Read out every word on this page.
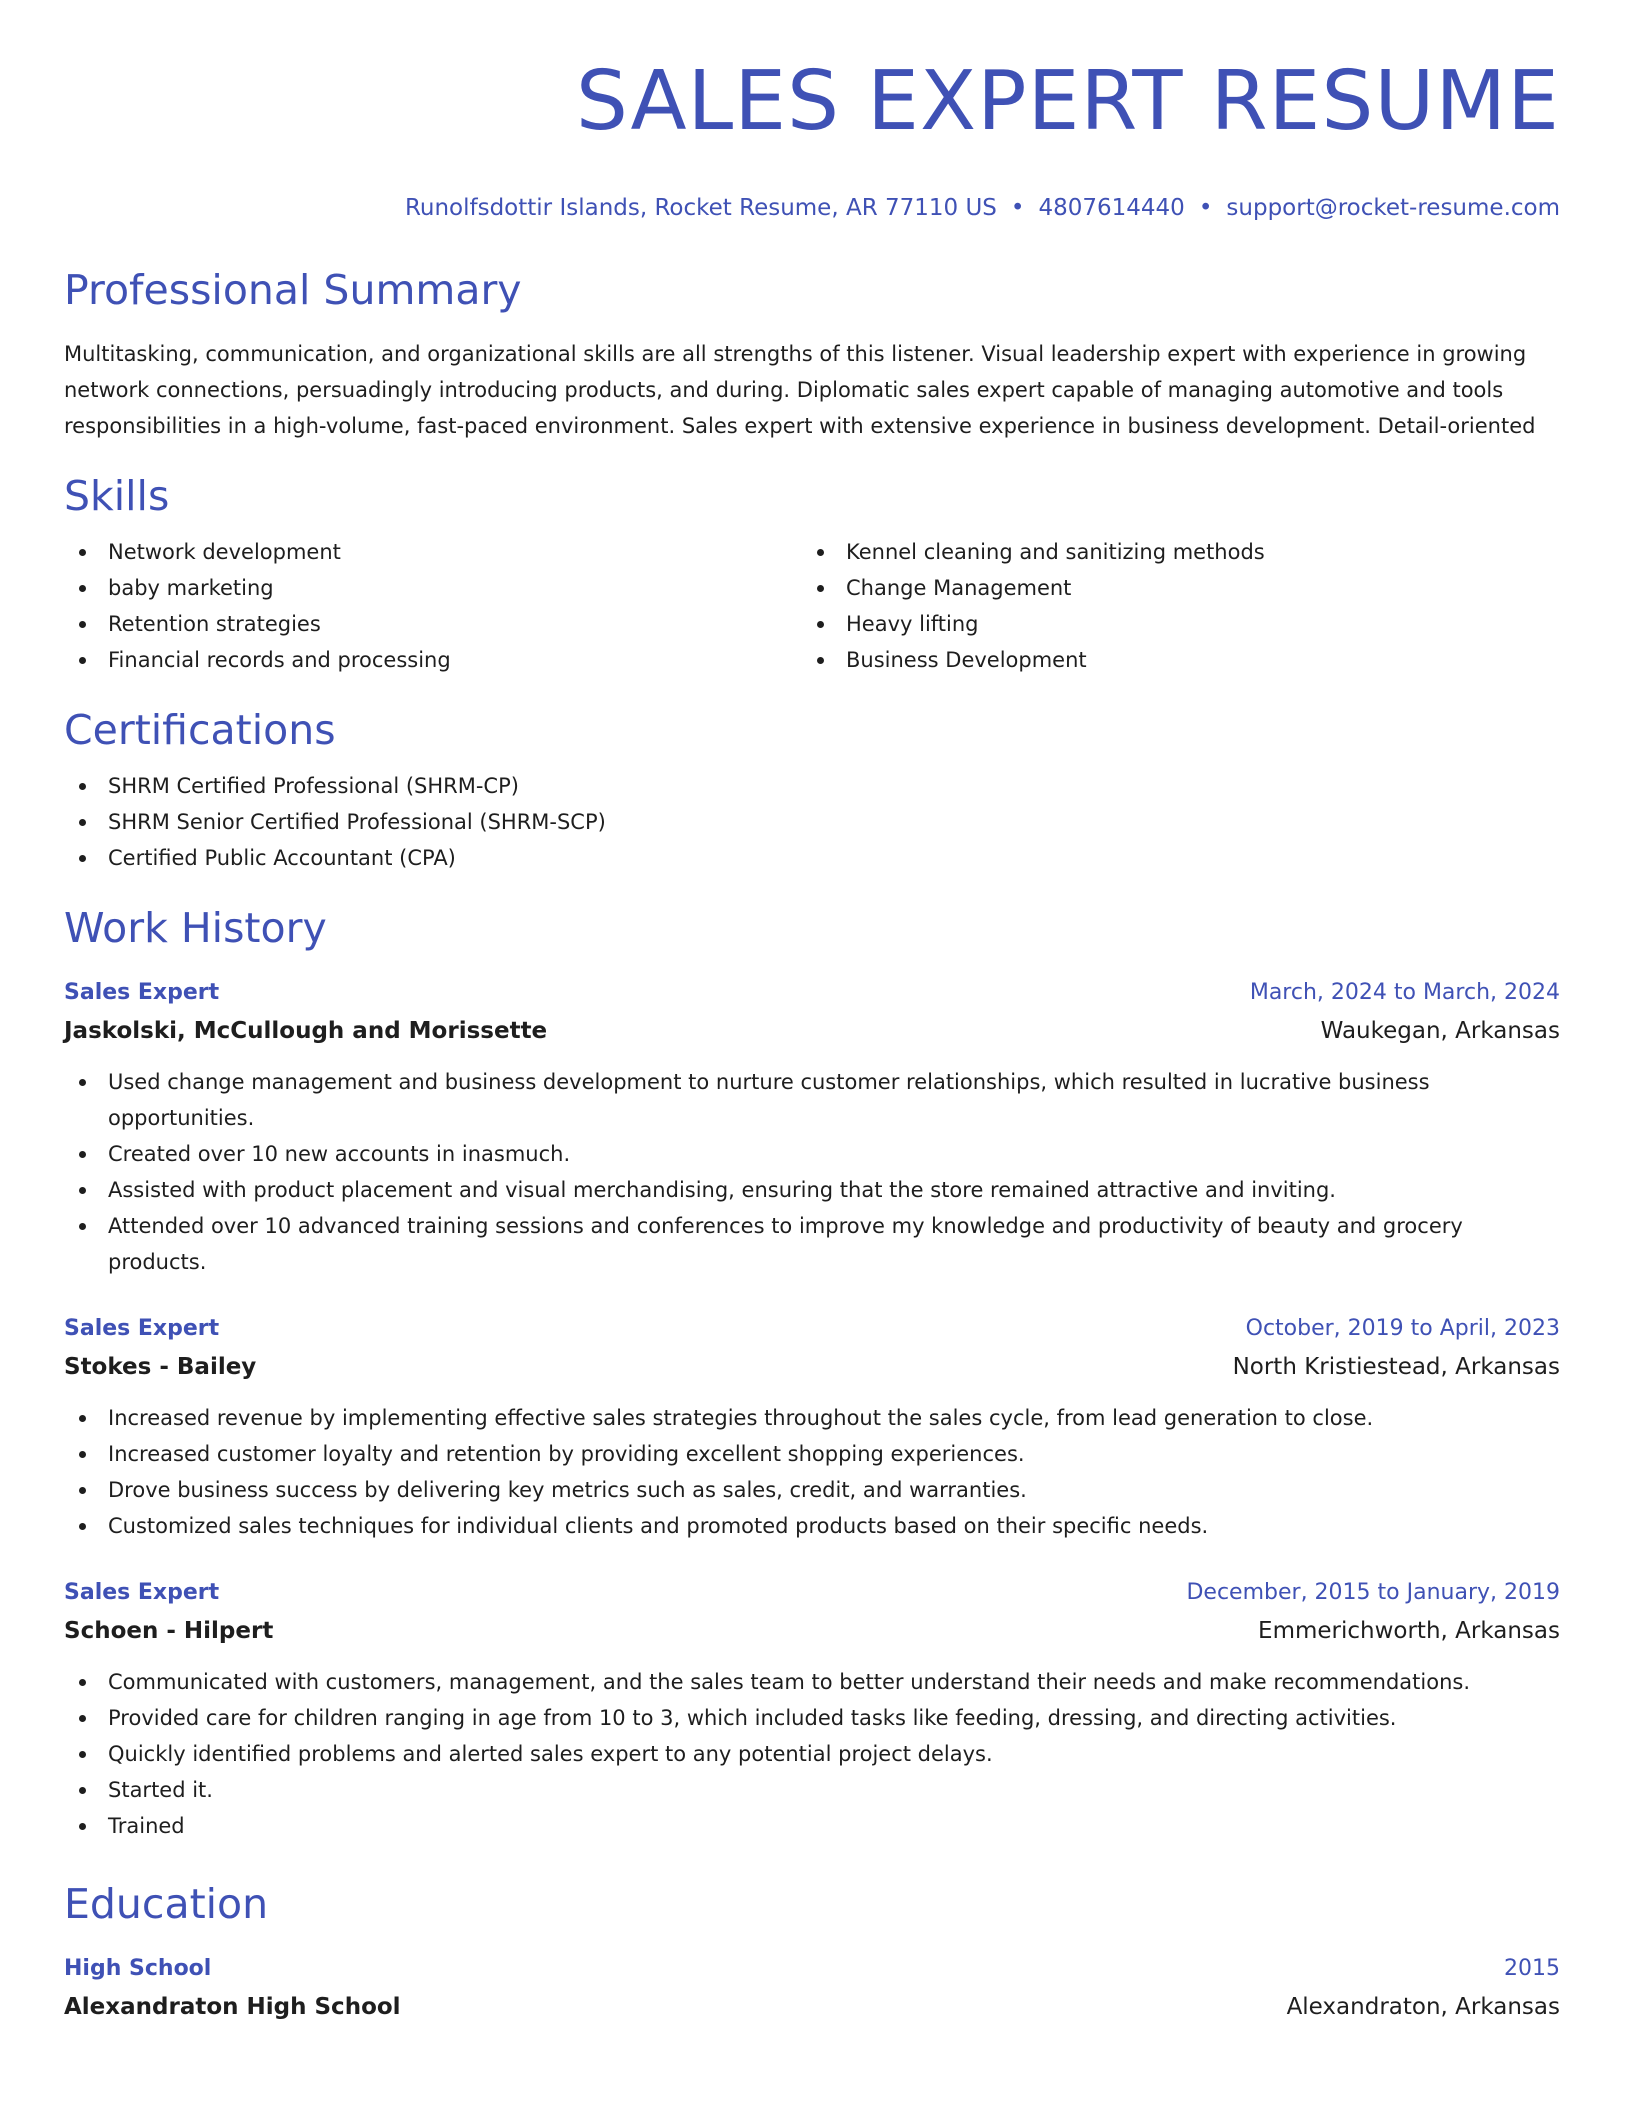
SALES EXPERT RESUME
Runolfsdottir Islands, Rocket Resume, AR 77110 US • 4807614440 • support@rocket-resume.com
Professional Summary

Multitasking, communication, and organizational skills are all strengths of this listener. Visual leadership expert with experience in growing network connections, persuadingly introducing products, and during. Diplomatic sales expert capable of managing automotive and tools responsibilities in a high-volume, fast-paced environment. Sales expert with extensive experience in business development. Detail-oriented

Skills
Network development
baby marketing
Retention strategies
Financial records and processing
Kennel cleaning and sanitizing methods
Change Management
Heavy lifting
Business Development
Certifications
SHRM Certified Professional (SHRM-CP)
SHRM Senior Certified Professional (SHRM-SCP)
Certified Public Accountant (CPA)
Work History
Sales Expert	March, 2024 to March, 2024
Jaskolski, McCullough and Morissette	Waukegan, Arkansas
Used change management and business development to nurture customer relationships, which resulted in lucrative business opportunities.
Created over 10 new accounts in inasmuch.
Assisted with product placement and visual merchandising, ensuring that the store remained attractive and inviting.
Attended over 10 advanced training sessions and conferences to improve my knowledge and productivity of beauty and grocery products.
Sales Expert	October, 2019 to April, 2023
Stokes - Bailey	North Kristiestead, Arkansas
Increased revenue by implementing effective sales strategies throughout the sales cycle, from lead generation to close.
Increased customer loyalty and retention by providing excellent shopping experiences.
Drove business success by delivering key metrics such as sales, credit, and warranties.
Customized sales techniques for individual clients and promoted products based on their specific needs.
Sales Expert	December, 2015 to January, 2019
Schoen - Hilpert	Emmerichworth, Arkansas
Communicated with customers, management, and the sales team to better understand their needs and make recommendations.
Provided care for children ranging in age from 10 to 3, which included tasks like feeding, dressing, and directing activities.
Quickly identified problems and alerted sales expert to any potential project delays.
Started it.
Trained
Education
High School	2015
Alexandraton High School	Alexandraton, Arkansas
